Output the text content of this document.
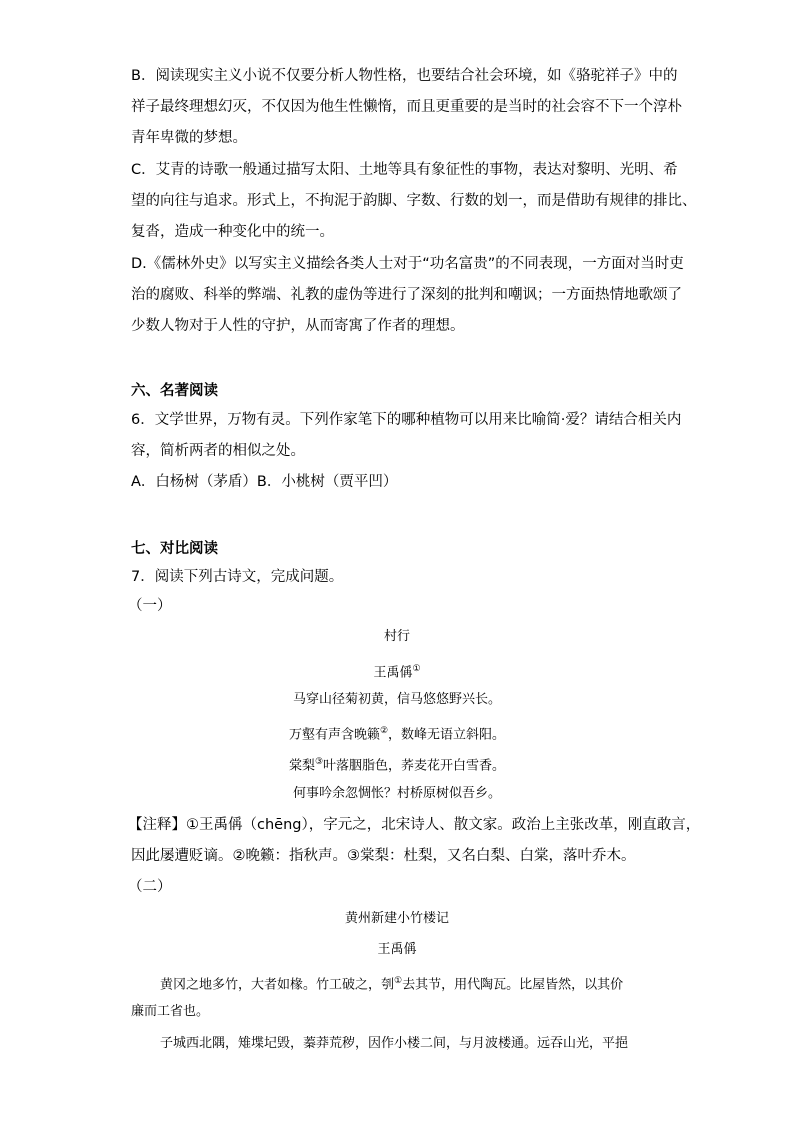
B．阅读现实主义小说不仅要分析人物性格，也要结合社会环境，如《骆驼祥子》中的
祥子最终理想幻灭，不仅因为他生性懒惰，而且更重要的是当时的社会容不下一个淳朴
青年卑微的梦想。
C．艾青的诗歌一般通过描写太阳、土地等具有象征性的事物，表达对黎明、光明、希
望的向往与追求。形式上，不拘泥于韵脚、字数、行数的划一，而是借助有规律的排比、
复沓，造成一种变化中的统一。
D.《儒林外史》以写实主义描绘各类人士对于“功名富贵”的不同表现，一方面对当时吏
治的腐败、科举的弊端、礼教的虚伪等进行了深刻的批判和嘲讽；一方面热情地歌颂了
少数人物对于人性的守护，从而寄寓了作者的理想。
六、名著阅读
6．文学世界，万物有灵。下列作家笔下的哪种植物可以用来比喻简·爱？请结合相关内
容，简析两者的相似之处。
A．白杨树（茅盾）B．小桃树（贾平凹）
七、对比阅读
7．阅读下列古诗文，完成问题。
（一）
村行
王禹偁①
马穿山径菊初黄，信马悠悠野兴长。
万壑有声含晚籁②，数峰无语立斜阳。
棠梨③叶落胭脂色，荞麦花开白雪香。
何事吟余忽惆怅？村桥原树似吾乡。
【注释】①王禹偁（chēng），字元之，北宋诗人、散文家。政治上主张改革，刚直敢言，
因此屡遭贬谪。②晚籁：指秋声。③棠梨：杜梨，又名白梨、白棠，落叶乔木。
（二）
黄州新建小竹楼记
王禹偁
黄冈之地多竹，大者如椽。竹工破之，刳①去其节，用代陶瓦。比屋皆然，以其价
廉而工省也。
子城西北隅，雉堞圮毁，蓁莽荒秽，因作小楼二间，与月波楼通。远吞山光，平挹
